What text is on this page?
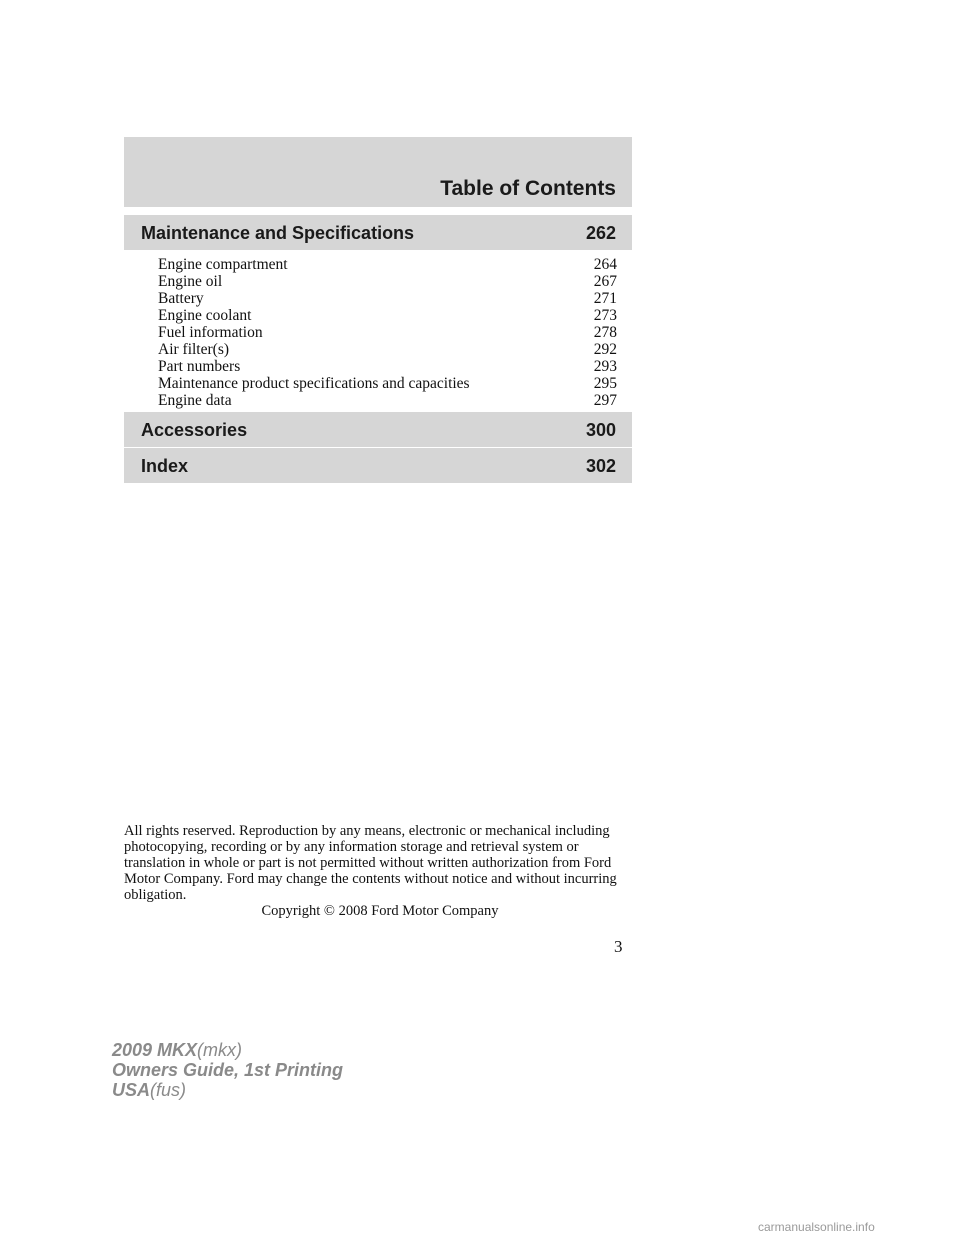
Table of Contents
Maintenance and Specifications	262
Engine compartment	264
Engine oil	267
Battery	271
Engine coolant	273
Fuel information	278
Air filter(s)	292
Part numbers	293
Maintenance product specifications and capacities	295
Engine data	297
Accessories	300
Index	302

All rights reserved. Reproduction by any means, electronic or mechanical including photocopying, recording or by any information storage and retrieval system or translation in whole or part is not permitted without written authorization from Ford Motor Company. Ford may change the contents without notice and without incurring obligation.

Copyright © 2008 Ford Motor Company
3
2009 MKX(mkx)
Owners Guide, 1st Printing
USA(fus)
carmanualsonline.info
